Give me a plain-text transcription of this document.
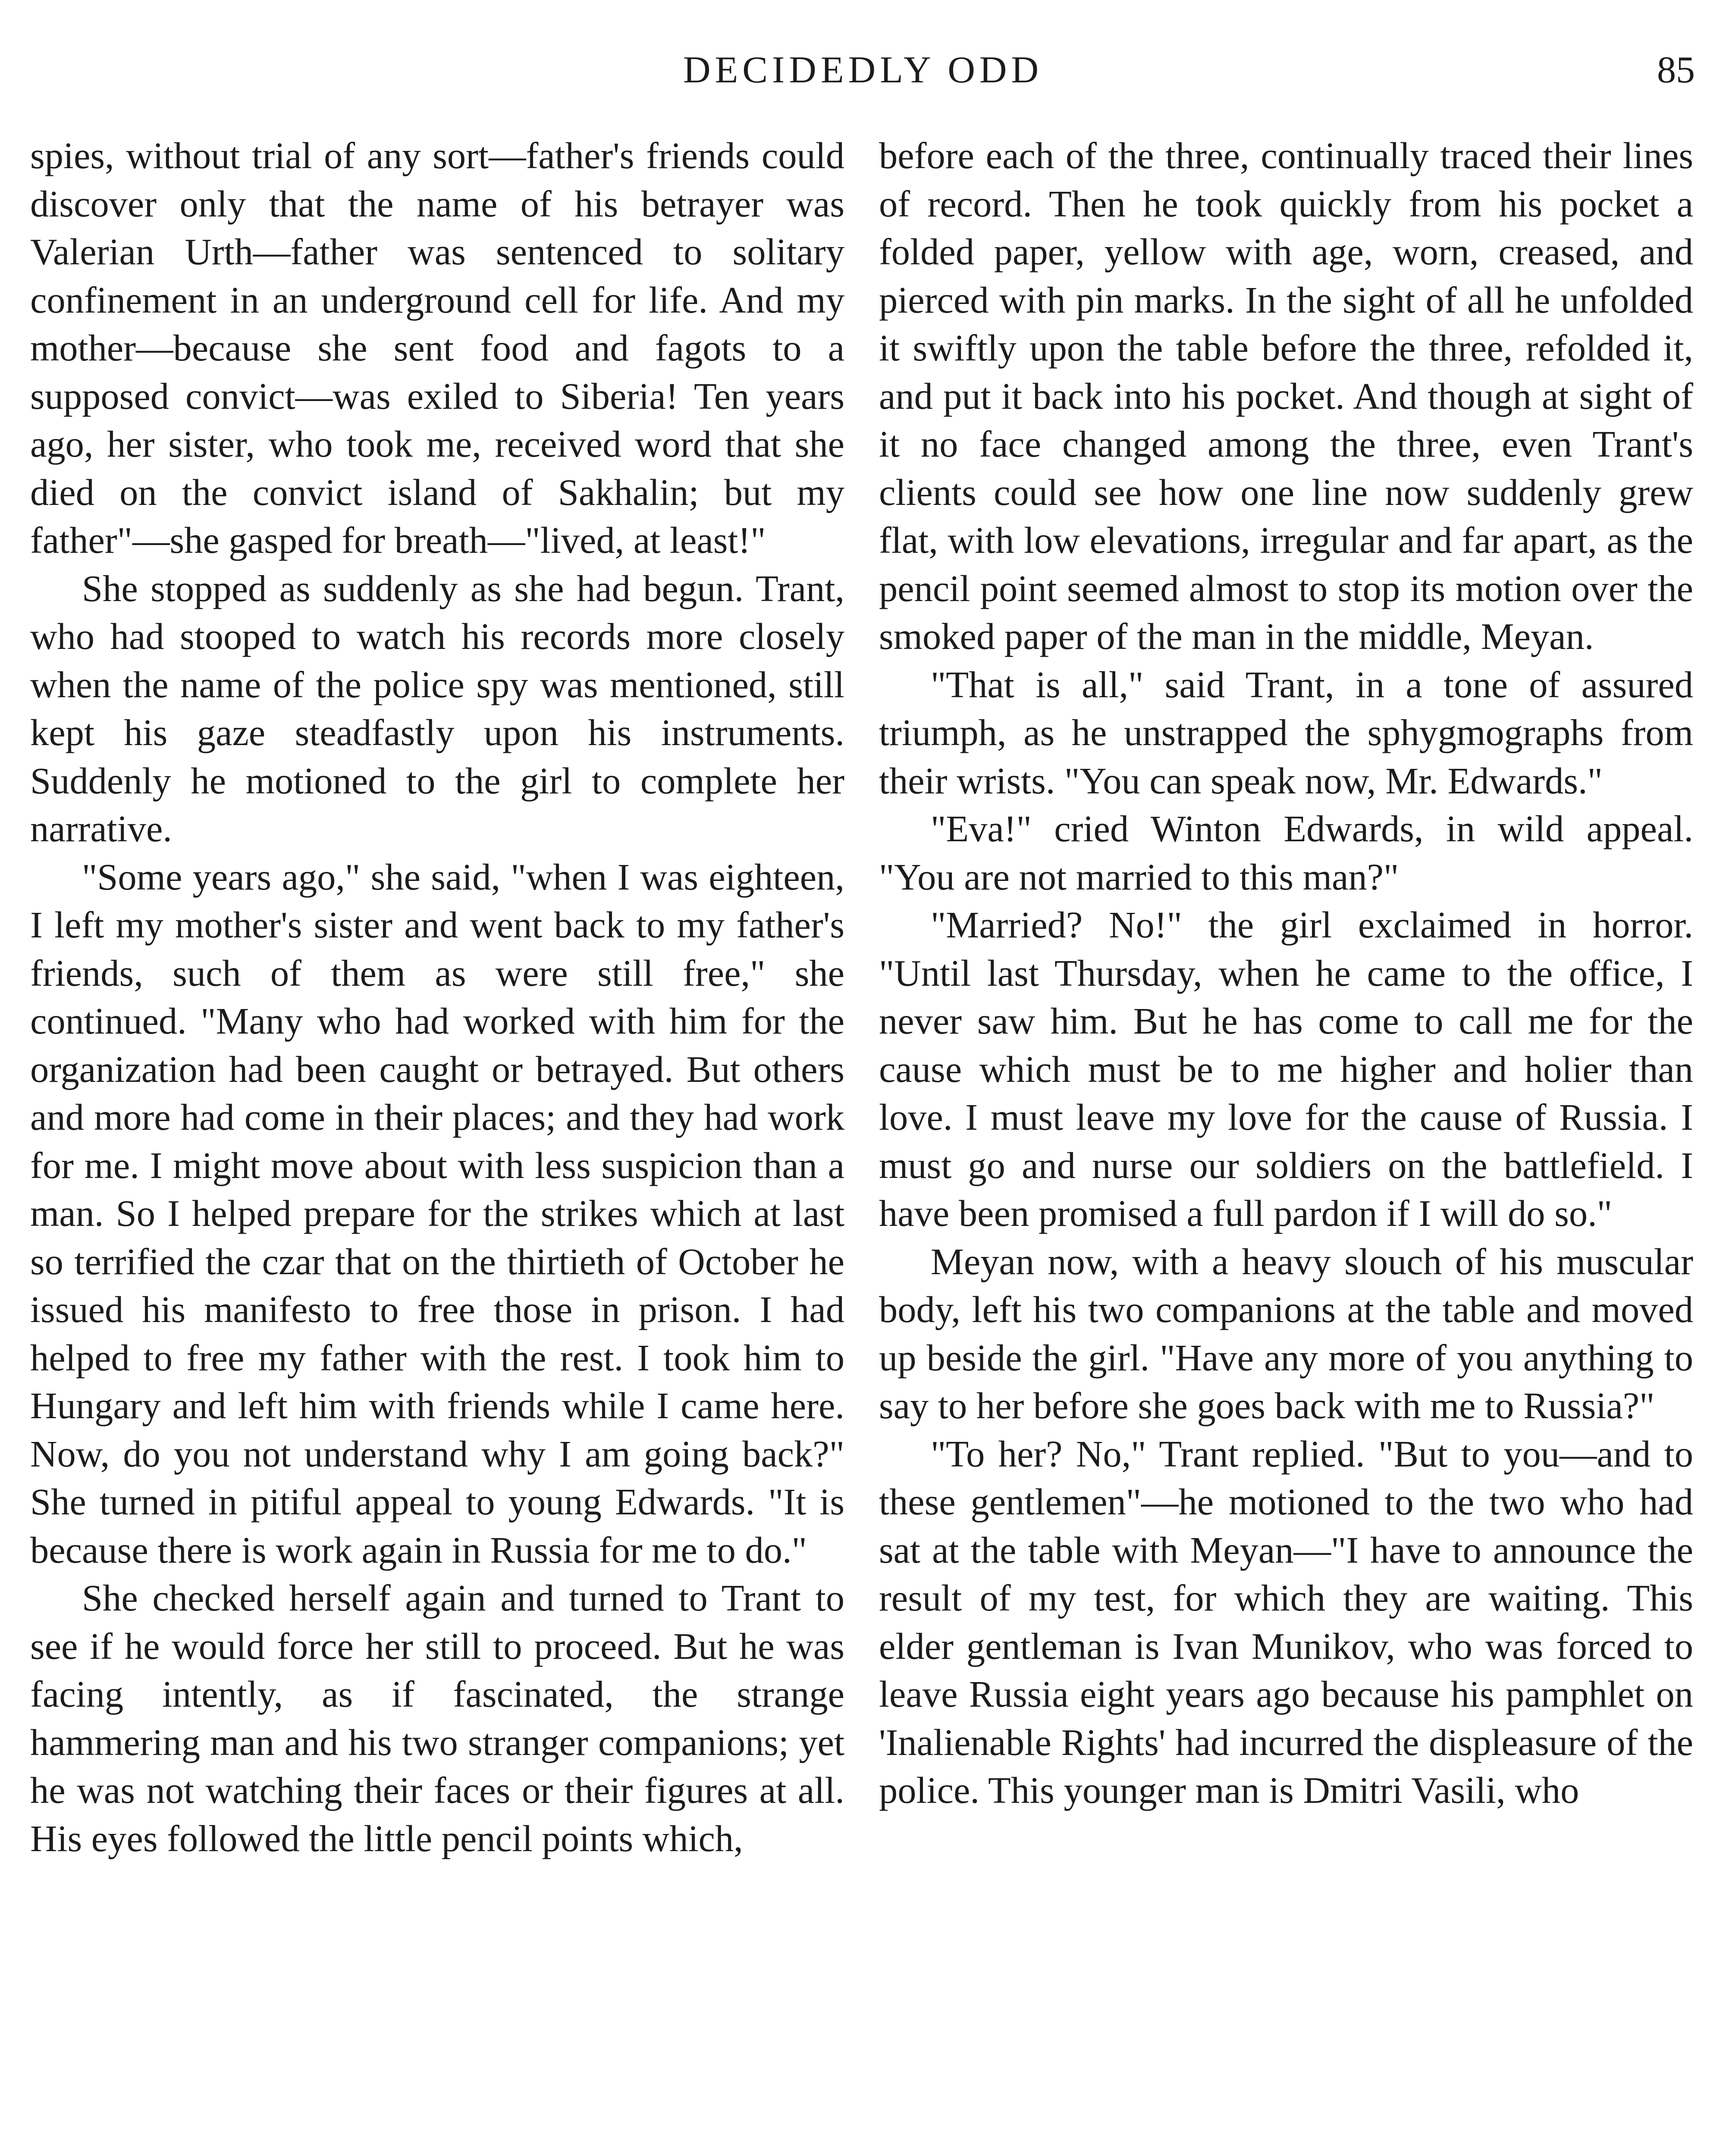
DECIDEDLY ODD	85

spies, without trial of any sort—father's friends could discover only that the name of his betrayer was Valerian Urth—father was sentenced to solitary confinement in an underground cell for life. And my mother—because she sent food and fagots to a supposed convict—was exiled to Siberia! Ten years ago, her sister, who took me, received word that she died on the convict island of Sakhalin; but my father"—she gasped for breath—"lived, at least!"

She stopped as suddenly as she had begun. Trant, who had stooped to watch his records more closely when the name of the police spy was mentioned, still kept his gaze steadfastly upon his instruments. Suddenly he motioned to the girl to complete her narrative.

"Some years ago," she said, "when I was eighteen, I left my mother's sister and went back to my father's friends, such of them as were still free," she continued. "Many who had worked with him for the organization had been caught or betrayed. But others and more had come in their places; and they had work for me. I might move about with less suspicion than a man. So I helped prepare for the strikes which at last so terrified the czar that on the thirtieth of October he issued his manifesto to free those in prison. I had helped to free my father with the rest. I took him to Hungary and left him with friends while I came here. Now, do you not understand why I am going back?" She turned in pitiful appeal to young Edwards. "It is because there is work again in Russia for me to do."

She checked herself again and turned to Trant to see if he would force her still to proceed. But he was facing intently, as if fascinated, the strange hammering man and his two stranger companions; yet he was not watching their faces or their figures at all. His eyes followed the little pencil points which,

before each of the three, continually traced their lines of record. Then he took quickly from his pocket a folded paper, yellow with age, worn, creased, and pierced with pin marks. In the sight of all he unfolded it swiftly upon the table before the three, refolded it, and put it back into his pocket. And though at sight of it no face changed among the three, even Trant's clients could see how one line now suddenly grew flat, with low elevations, irregular and far apart, as the pencil point seemed almost to stop its motion over the smoked paper of the man in the middle, Meyan.

"That is all," said Trant, in a tone of assured triumph, as he unstrapped the sphygmographs from their wrists. "You can speak now, Mr. Edwards."

"Eva!" cried Winton Edwards, in wild appeal. "You are not married to this man?"

"Married? No!" the girl exclaimed in horror. "Until last Thursday, when he came to the office, I never saw him. But he has come to call me for the cause which must be to me higher and holier than love. I must leave my love for the cause of Russia. I must go and nurse our soldiers on the battlefield. I have been promised a full pardon if I will do so."

Meyan now, with a heavy slouch of his muscular body, left his two companions at the table and moved up beside the girl. "Have any more of you anything to say to her before she goes back with me to Russia?"

"To her? No," Trant replied. "But to you—and to these gentlemen"—he motioned to the two who had sat at the table with Meyan—"I have to announce the result of my test, for which they are waiting. This elder gentleman is Ivan Munikov, who was forced to leave Russia eight years ago because his pamphlet on 'Inalienable Rights' had incurred the displeasure of the police. This younger man is Dmitri Vasili, who
